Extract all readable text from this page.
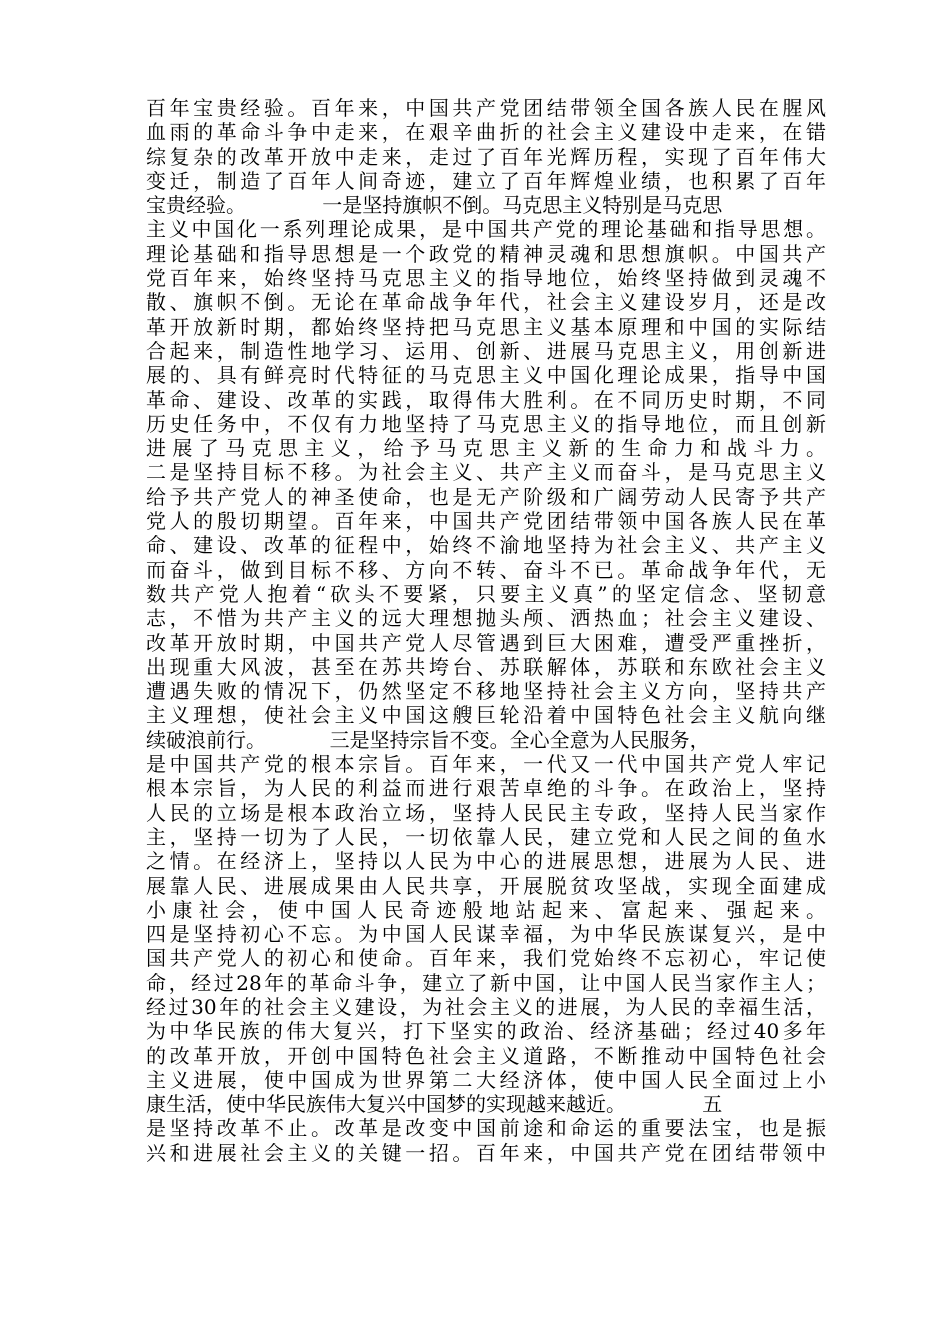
百年宝贵经验。百年来，中国共产党团结带领全国各族人民在腥风
血雨的革命斗争中走来，在艰辛曲折的社会主义建设中走来，在错
综复杂的改革开放中走来，走过了百年光辉历程，实现了百年伟大
变迁，制造了百年人间奇迹，建立了百年辉煌业绩，也积累了百年
宝贵经验。            一是坚持旗帜不倒。马克思主义特别是马克思
主义中国化一系列理论成果，是中国共产党的理论基础和指导思想。
理论基础和指导思想是一个政党的精神灵魂和思想旗帜。中国共产
党百年来，始终坚持马克思主义的指导地位，始终坚持做到灵魂不
散、旗帜不倒。无论在革命战争年代，社会主义建设岁月，还是改
革开放新时期，都始终坚持把马克思主义基本原理和中国的实际结
合起来，制造性地学习、运用、创新、进展马克思主义，用创新进
展的、具有鲜亮时代特征的马克思主义中国化理论成果，指导中国
革命、建设、改革的实践，取得伟大胜利。在不同历史时期，不同
历史任务中，不仅有力地坚持了马克思主义的指导地位，而且创新
进展了马克思主义，给予马克思主义新的生命力和战斗力。
二是坚持目标不移。为社会主义、共产主义而奋斗，是马克思主义
给予共产党人的神圣使命，也是无产阶级和广阔劳动人民寄予共产
党人的殷切期望。百年来，中国共产党团结带领中国各族人民在革
命、建设、改革的征程中，始终不渝地坚持为社会主义、共产主义
而奋斗，做到目标不移、方向不转、奋斗不已。革命战争年代，无
数共产党人抱着“砍头不要紧，只要主义真”的坚定信念、坚韧意
志，不惜为共产主义的远大理想抛头颅、洒热血；社会主义建设、
改革开放时期，中国共产党人尽管遇到巨大困难，遭受严重挫折，
出现重大风波，甚至在苏共垮台、苏联解体，苏联和东欧社会主义
遭遇失败的情况下，仍然坚定不移地坚持社会主义方向，坚持共产
主义理想，使社会主义中国这艘巨轮沿着中国特色社会主义航向继
续破浪前行。          三是坚持宗旨不变。全心全意为人民服务，
是中国共产党的根本宗旨。百年来，一代又一代中国共产党人牢记
根本宗旨，为人民的利益而进行艰苦卓绝的斗争。在政治上，坚持
人民的立场是根本政治立场，坚持人民民主专政，坚持人民当家作
主，坚持一切为了人民，一切依靠人民，建立党和人民之间的鱼水
之情。在经济上，坚持以人民为中心的进展思想，进展为人民、进
展靠人民、进展成果由人民共享，开展脱贫攻坚战，实现全面建成
小康社会，使中国人民奇迹般地站起来、富起来、强起来。
四是坚持初心不忘。为中国人民谋幸福，为中华民族谋复兴，是中
国共产党人的初心和使命。百年来，我们党始终不忘初心，牢记使
命，经过28年的革命斗争，建立了新中国，让中国人民当家作主人；
经过30年的社会主义建设，为社会主义的进展，为人民的幸福生活，
为中华民族的伟大复兴，打下坚实的政治、经济基础；经过40多年
的改革开放，开创中国特色社会主义道路，不断推动中国特色社会
主义进展，使中国成为世界第二大经济体，使中国人民全面过上小
康生活，使中华民族伟大复兴中国梦的实现越来越近。            五
是坚持改革不止。改革是改变中国前途和命运的重要法宝，也是振
兴和进展社会主义的关键一招。百年来，中国共产党在团结带领中
